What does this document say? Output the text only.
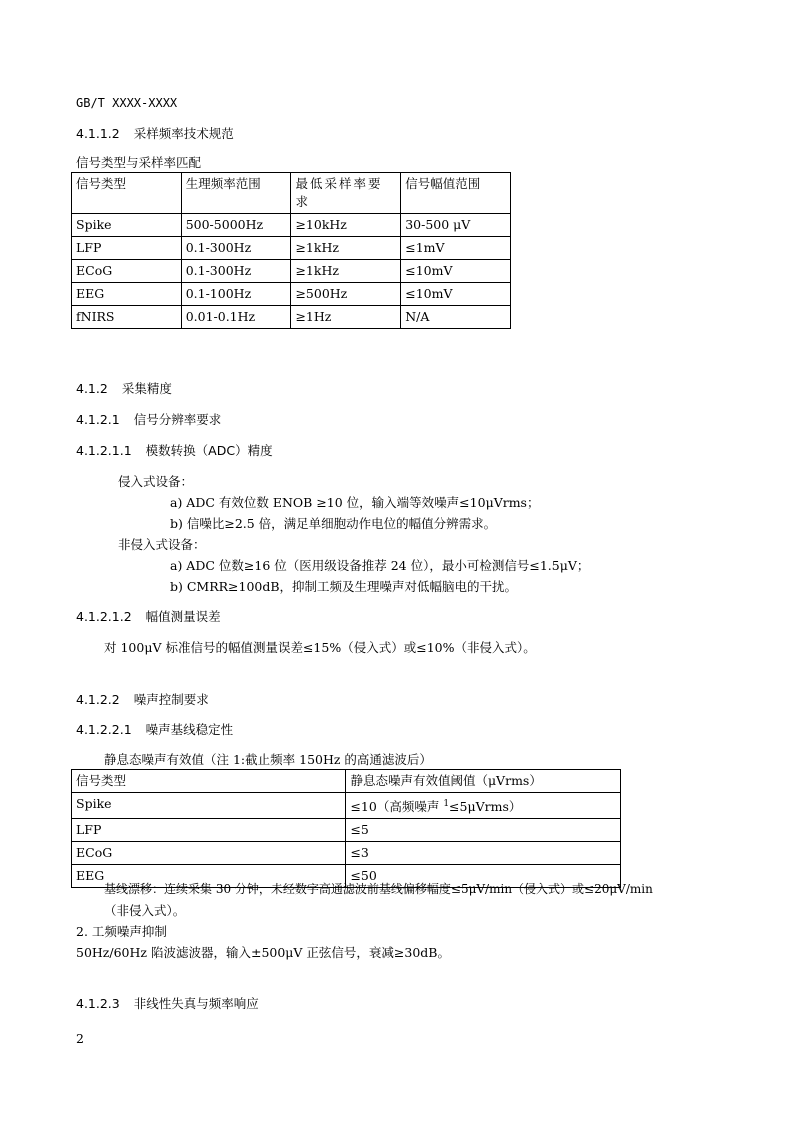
GB/T XXXX-XXXX
4.1.1.2 采样频率技术规范
信号类型与采样率匹配
信号类型	生理频率范围	最低采样率要求	信号幅值范围
Spike	500-5000Hz	≥10kHz	30-500 μV
LFP	0.1-300Hz	≥1kHz	≤1mV
ECoG	0.1-300Hz	≥1kHz	≤10mV
EEG	0.1-100Hz	≥500Hz	≤10mV
fNIRS	0.01-0.1Hz	≥1Hz	N/A
4.1.2 采集精度
4.1.2.1 信号分辨率要求
4.1.2.1.1 模数转换（ADC）精度
侵入式设备：
a) ADC 有效位数 ENOB ≥10 位，输入端等效噪声≤10μVrms；
b) 信噪比≥2.5 倍，满足单细胞动作电位的幅值分辨需求。
非侵入式设备：
a) ADC 位数≥16 位（医用级设备推荐 24 位），最小可检测信号≤1.5μV；
b) CMRR≥100dB，抑制工频及生理噪声对低幅脑电的干扰。
4.1.2.1.2 幅值测量误差
对 100μV 标准信号的幅值测量误差≤15%（侵入式）或≤10%（非侵入式）。
4.1.2.2 噪声控制要求
4.1.2.2.1 噪声基线稳定性
静息态噪声有效值（注 1:截止频率 150Hz 的高通滤波后）
信号类型	静息态噪声有效值阈值（μVrms）
Spike	≤10（高频噪声 $^1$≤5μVrms）
LFP	≤5
ECoG	≤3
EEG	≤50
基线漂移：连续采集 30 分钟，未经数字高通滤波前基线偏移幅度≤5μV/min（侵入式）或≤20μV/min
（非侵入式）。
2. 工频噪声抑制
50Hz/60Hz 陷波滤波器，输入±500μV 正弦信号，衰减≥30dB。
4.1.2.3 非线性失真与频率响应
2
